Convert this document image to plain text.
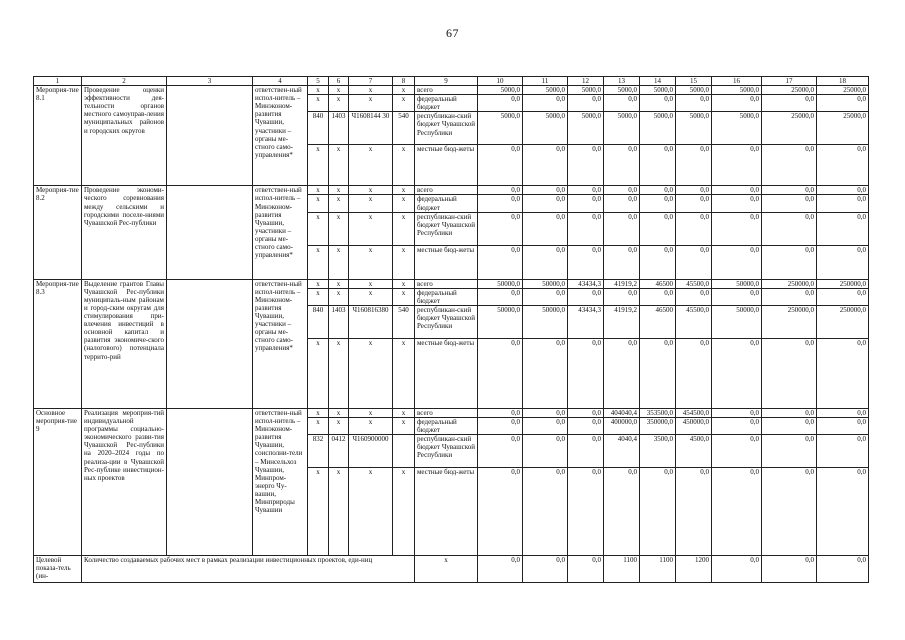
67
1	2	3	4	5	6	7	8	9	10	11	12	13	14	15	16	17	18
Мероприя-тие 8.1	Проведение оценки эффективности дея-тельности органов местного самоуправ-ления муниципальных районов и городских округов		ответствен-ный испол-нитель – Минэконом-развития Чувашии, участники – органы ме-стного само-управления*	x	x	x	x	всего	5000,0	5000,0	5000,0	5000,0	5000,0	5000,0	5000,0	25000,0	25000,0
				x	x	x	x	федеральный бюджет	0,0	0,0	0,0	0,0	0,0	0,0	0,0	0,0	0,0
				840	1403	Ч1608144 30	540	республикан-ский бюджет Чувашской Республики	5000,0	5000,0	5000,0	5000,0	5000,0	5000,0	5000,0	25000,0	25000,0
				x	x	x	x	местные бюд-жеты	0,0	0,0	0,0	0,0	0,0	0,0	0,0	0,0	0,0
Мероприя-тие 8.2	Проведение экономи-ческого соревнования между сельскими и городскими поселе-ниями Чувашской Рес-публики		ответствен-ный испол-нитель – Минэконом-развития Чувашии, участники – органы ме-стного само-управления*	x	x	x	x	всего	0,0	0,0	0,0	0,0	0,0	0,0	0,0	0,0	0,0
				x	x	x	x	федеральный бюджет	0,0	0,0	0,0	0,0	0,0	0,0	0,0	0,0	0,0
				x	x	x	x	республикан-ский бюджет Чувашской Республики	0,0	0,0	0,0	0,0	0,0	0,0	0,0	0,0	0,0
				x	x	x	x	местные бюд-жеты	0,0	0,0	0,0	0,0	0,0	0,0	0,0	0,0	0,0
Мероприя-тие 8.3	Выделение грантов Главы Чувашской Рес-публики муниципаль-ным районам и город-ским округам для стимулирования при-влечения инвестиций в основной капитал и развития экономиче-ского (налогового) потенциала террито-рий		ответствен-ный испол-нитель – Минэконом-развития Чувашии, участники – органы ме-стного само-управления*	x	x	x	x	всего	50000,0	50000,0	43434,3	41919,2	46500	45500,0	50000,0	250000,0	250000,0
				x	x	x	x	федеральный бюджет	0,0	0,0	0,0	0,0	0,0	0,0	0,0	0,0	0,0
				840	1403	Ч160816380	540	республикан-ский бюджет Чувашской Республики	50000,0	50000,0	43434,3	41919,2	46500	45500,0	50000,0	250000,0	250000,0
				x	x	x	x	местные бюд-жеты	0,0	0,0	0,0	0,0	0,0	0,0	0,0	0,0	0,0
Основное мероприя-тие 9	Реализация мероприя-тий индивидуальной программы социально-экономического разви-тия Чувашской Рес-публики на 2020–2024 годы по реализа-ции в Чувашской Рес-публике инвестицион-ных проектов		ответствен-ный испол-нитель – Минэконом-развития Чувашии, соисполни-тели – Минсельхоз Чувашии, Минпром-энерго Чу-вашии, Минприроды Чувашии	x	x	x	x	всего	0,0	0,0	0,0	404040,4	353500,0	454500,0	0,0	0,0	0,0
				x	x	x	x	федеральный бюджет	0,0	0,0	0,0	400000,0	350000,0	450000,0	0,0	0,0	0,0
				832	0412	Ч160900000		республикан-ский бюджет Чувашской Республики	0,0	0,0	0,0	4040,4	3500,0	4500,0	0,0	0,0	0,0
				x	x	x	x	местные бюд-жеты	0,0	0,0	0,0	0,0	0,0	0,0	0,0	0,0	0,0
Целевой показа-тель (ин-	Количество создаваемых рабочих мест в рамках реализации инвестиционных проектов, еди-ниц							x	0,0	0,0	0,0	1100	1100	1200	0,0	0,0	0,0
